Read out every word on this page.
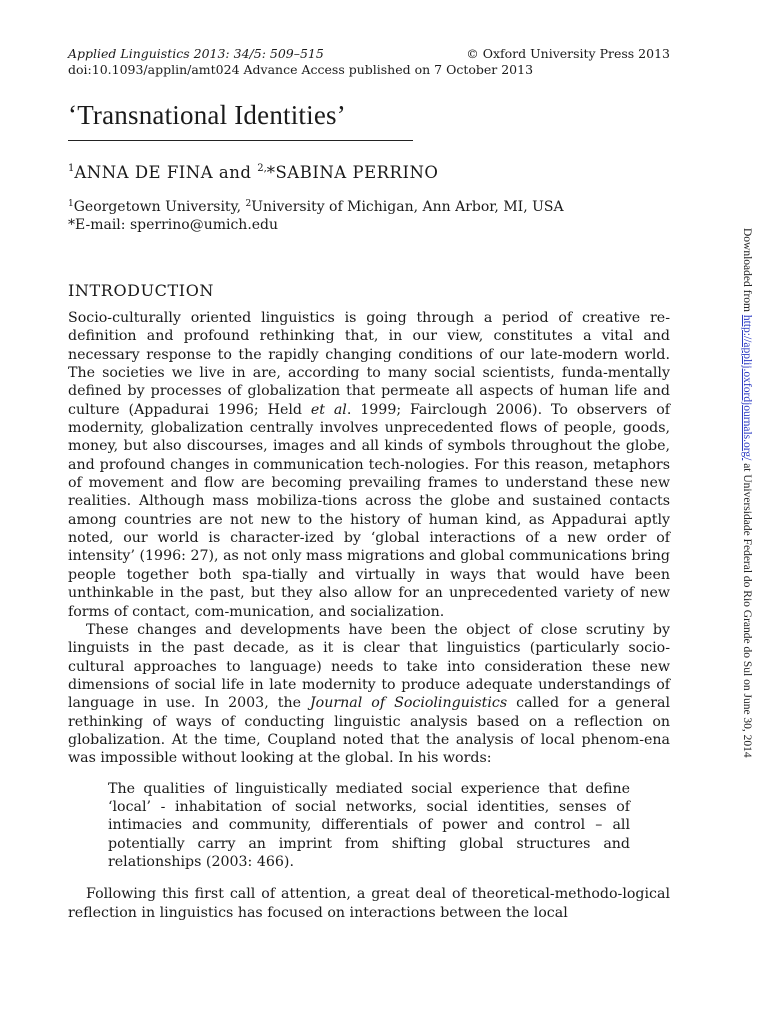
Applied Linguistics 2013: 34/5: 509–515	© Oxford University Press 2013
doi:10.1093/applin/amt024 Advance Access published on 7 October 2013
‘Transnational Identities’
$^1$ANNA DE FINA and $^{2,}$*SABINA PERRINO
$^1$Georgetown University, $^2$University of Michigan, Ann Arbor, MI, USA
*E-mail: sperrino@umich.edu
INTRODUCTION

Socio-culturally oriented linguistics is going through a period of creative re-definition and profound rethinking that, in our view, constitutes a vital and necessary response to the rapidly changing conditions of our late-modern world. The societies we live in are, according to many social scientists, funda-mentally defined by processes of globalization that permeate all aspects of human life and culture (Appadurai 1996; Held et al. 1999; Fairclough 2006). To observers of modernity, globalization centrally involves unprecedented flows of people, goods, money, but also discourses, images and all kinds of symbols throughout the globe, and profound changes in communication tech-nologies. For this reason, metaphors of movement and flow are becoming prevailing frames to understand these new realities. Although mass mobiliza-tions across the globe and sustained contacts among countries are not new to the history of human kind, as Appadurai aptly noted, our world is character-ized by ‘global interactions of a new order of intensity’ (1996: 27), as not only mass migrations and global communications bring people together both spa-tially and virtually in ways that would have been unthinkable in the past, but they also allow for an unprecedented variety of new forms of contact, com-munication, and socialization.

These changes and developments have been the object of close scrutiny by linguists in the past decade, as it is clear that linguistics (particularly socio-cultural approaches to language) needs to take into consideration these new dimensions of social life in late modernity to produce adequate understandings of language in use. In 2003, the Journal of Sociolinguistics called for a general rethinking of ways of conducting linguistic analysis based on a reflection on globalization. At the time, Coupland noted that the analysis of local phenom-ena was impossible without looking at the global. In his words:

The qualities of linguistically mediated social experience that define ‘local’ - inhabitation of social networks, social identities, senses of intimacies and community, differentials of power and control – all potentially carry an imprint from shifting global structures and relationships (2003: 466).

Following this first call of attention, a great deal of theoretical-methodo-logical reflection in linguistics has focused on interactions between the local

Downloaded from http://applij.oxfordjournals.org/ at Universidade Federal do Rio Grande do Sul on June 30, 2014
